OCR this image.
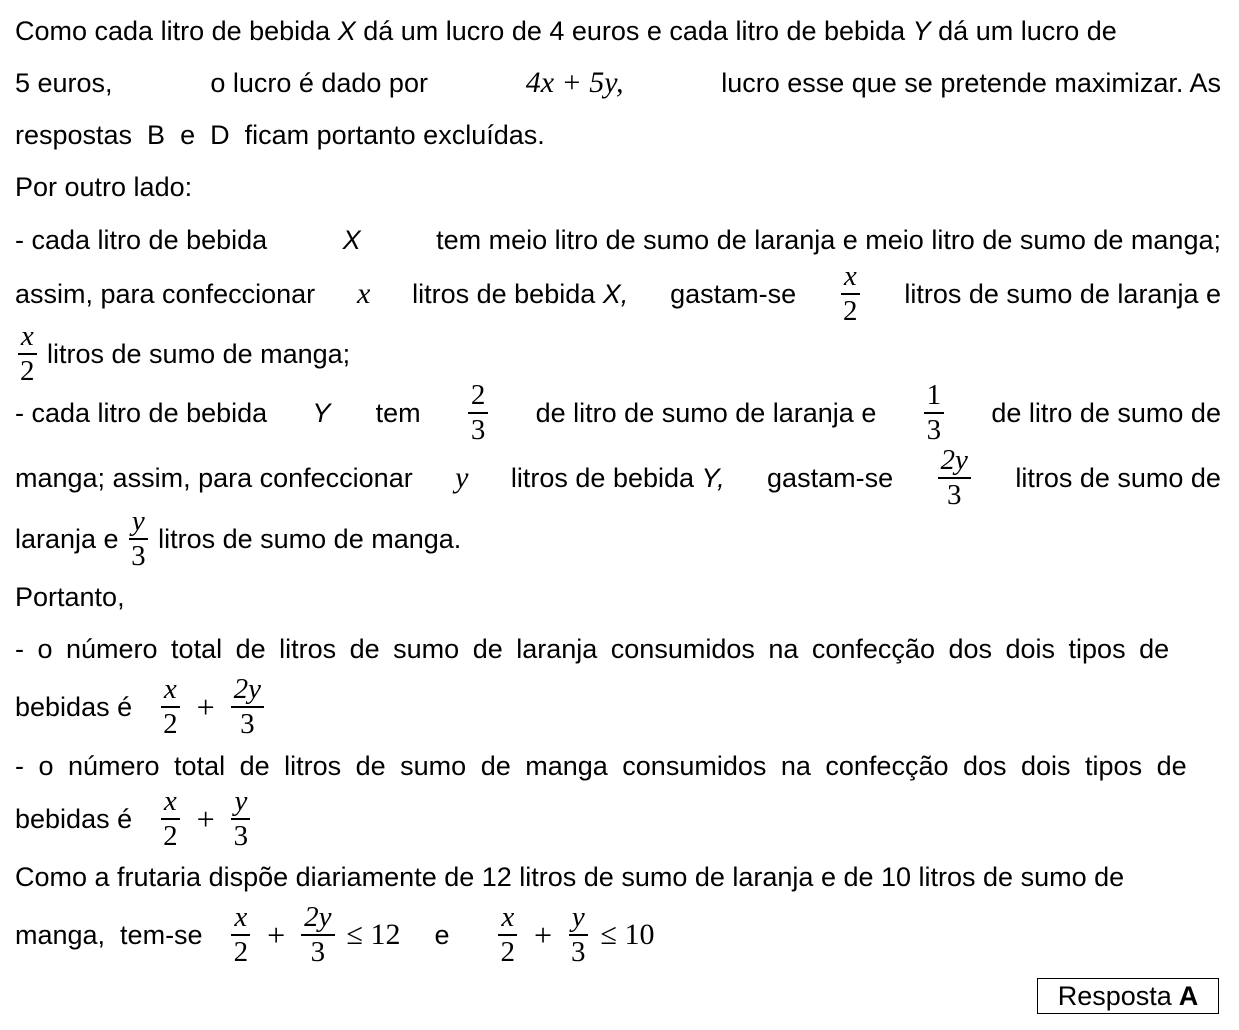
Como cada litro de bebida
X
dá um lucro de 4 euros e cada litro de bebida
Y
dá um lucro de
5 euros,	o lucro é dado por	4x + 5y,	lucro esse que se pretende maximizar. As
respostas  B  e  D  ficam portanto excluídas.
Por outro lado:
- cada litro de bebida	X	tem meio litro de sumo de laranja e meio litro de sumo de manga;
assim, para confeccionar x litros de bebida
X, gastam-se $\frac{x}{2}$ litros de sumo de laranja e
$\frac{x}{2}$
litros de sumo de manga;
- cada litro de bebida Y tem $\frac{2}{3}$ de litro de sumo de laranja e $\frac{1}{3}$ de litro de sumo de
manga; assim, para confeccionar y litros de bebida
Y, gastam-se $\frac{2y}{3}$ litros de sumo de
laranja e
$\frac{y}{3}$
litros de sumo de manga.
Portanto,
- o número total de litros de sumo de laranja consumidos na confecção dos dois tipos de
bebidas é $\frac{x}{2} + \frac{2y}{3}$
- o número total de litros de sumo de manga consumidos na confecção dos dois tipos de
bebidas é $\frac{x}{2} + \frac{y}{3}$
Como a frutaria dispõe diariamente de 12 litros de sumo de laranja e de 10 litros de sumo de
manga,  $tem-se \frac{x}{2} + \frac{2y}{3} \le 12$ e $\frac{x}{2} + \frac{y}{3} \le 10$
Resposta A
